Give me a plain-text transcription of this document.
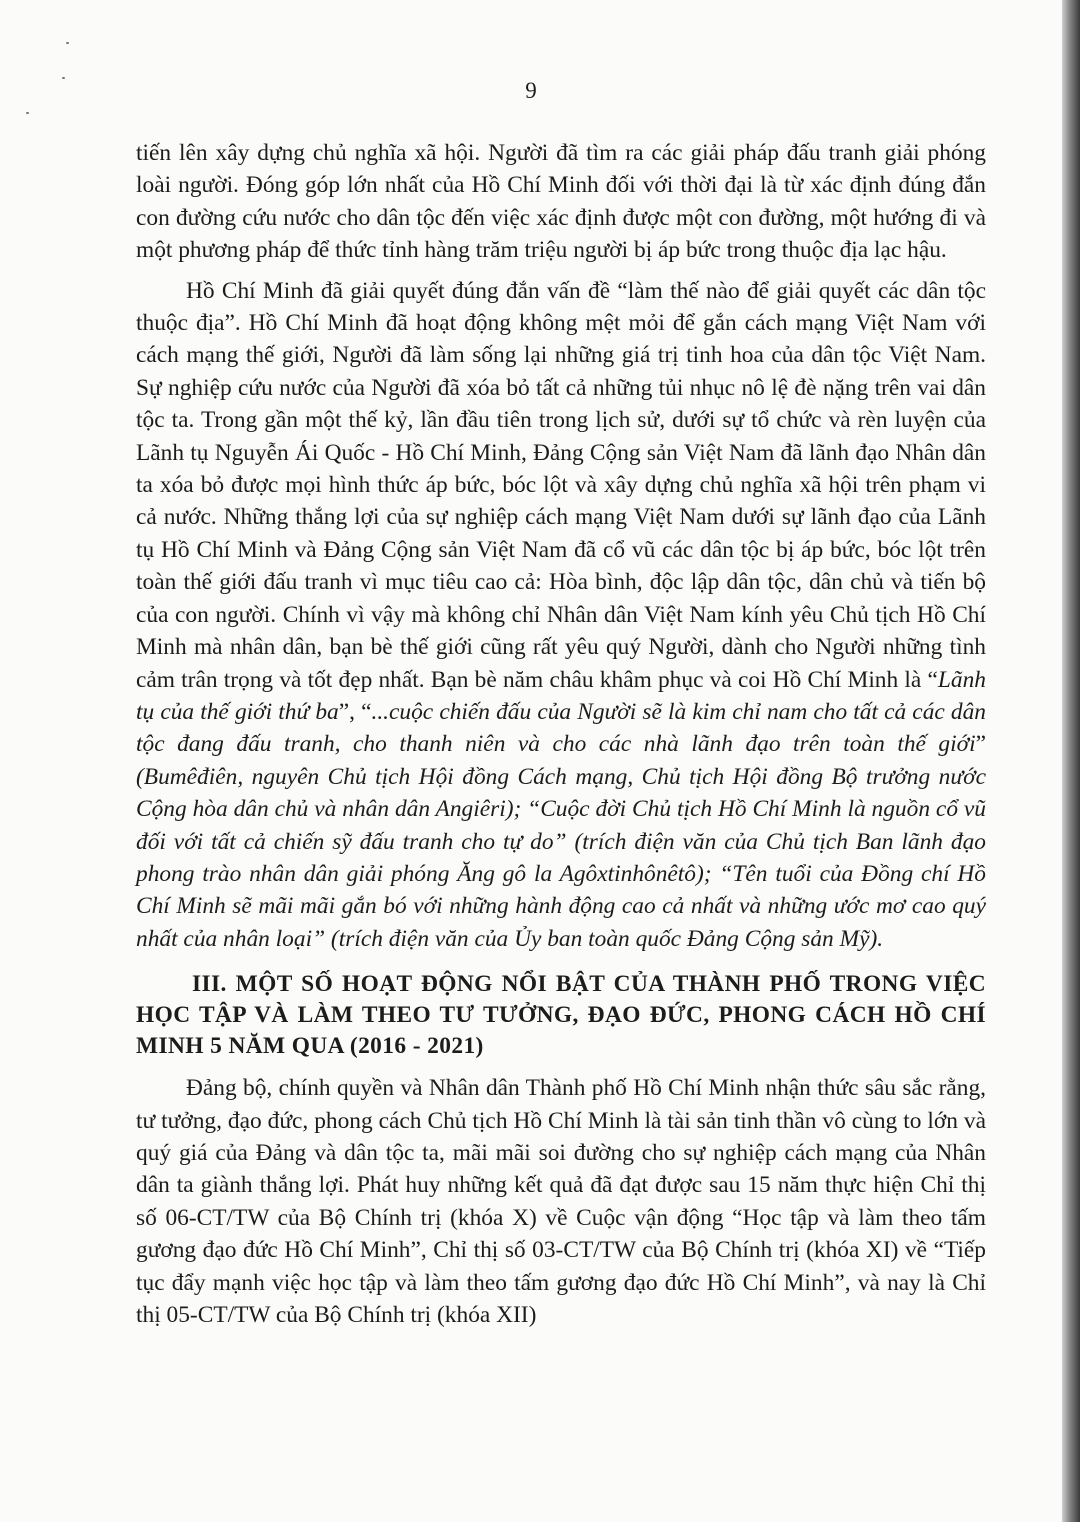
9

tiến lên xây dựng chủ nghĩa xã hội. Người đã tìm ra các giải pháp đấu tranh giải phóng loài người. Đóng góp lớn nhất của Hồ Chí Minh đối với thời đại là từ xác định đúng đắn con đường cứu nước cho dân tộc đến việc xác định được một con đường, một hướng đi và một phương pháp để thức tỉnh hàng trăm triệu người bị áp bức trong thuộc địa lạc hậu.

Hồ Chí Minh đã giải quyết đúng đắn vấn đề “làm thế nào để giải quyết các dân tộc thuộc địa”. Hồ Chí Minh đã hoạt động không mệt mỏi để gắn cách mạng Việt Nam với cách mạng thế giới, Người đã làm sống lại những giá trị tinh hoa của dân tộc Việt Nam. Sự nghiệp cứu nước của Người đã xóa bỏ tất cả những tủi nhục nô lệ đè nặng trên vai dân tộc ta. Trong gần một thế kỷ, lần đầu tiên trong lịch sử, dưới sự tổ chức và rèn luyện của Lãnh tụ Nguyễn Ái Quốc - Hồ Chí Minh, Đảng Cộng sản Việt Nam đã lãnh đạo Nhân dân ta xóa bỏ được mọi hình thức áp bức, bóc lột và xây dựng chủ nghĩa xã hội trên phạm vi cả nước. Những thắng lợi của sự nghiệp cách mạng Việt Nam dưới sự lãnh đạo của Lãnh tụ Hồ Chí Minh và Đảng Cộng sản Việt Nam đã cổ vũ các dân tộc bị áp bức, bóc lột trên toàn thế giới đấu tranh vì mục tiêu cao cả: Hòa bình, độc lập dân tộc, dân chủ và tiến bộ của con người. Chính vì vậy mà không chỉ Nhân dân Việt Nam kính yêu Chủ tịch Hồ Chí Minh mà nhân dân, bạn bè thế giới cũng rất yêu quý Người, dành cho Người những tình cảm trân trọng và tốt đẹp nhất. Bạn bè năm châu khâm phục và coi Hồ Chí Minh là “Lãnh tụ của thế giới thứ ba”, “...cuộc chiến đấu của Người sẽ là kim chỉ nam cho tất cả các dân tộc đang đấu tranh, cho thanh niên và cho các nhà lãnh đạo trên toàn thế giới” (Bumêđiên, nguyên Chủ tịch Hội đồng Cách mạng, Chủ tịch Hội đồng Bộ trưởng nước Cộng hòa dân chủ và nhân dân Angiêri); “Cuộc đời Chủ tịch Hồ Chí Minh là nguồn cổ vũ đối với tất cả chiến sỹ đấu tranh cho tự do” (trích điện văn của Chủ tịch Ban lãnh đạo phong trào nhân dân giải phóng Ăng gô la Agôxtinhônêtô); “Tên tuổi của Đồng chí Hồ Chí Minh sẽ mãi mãi gắn bó với những hành động cao cả nhất và những ước mơ cao quý nhất của nhân loại” (trích điện văn của Ủy ban toàn quốc Đảng Cộng sản Mỹ).

III. MỘT SỐ HOẠT ĐỘNG NỔI BẬT CỦA THÀNH PHỐ TRONG VIỆC HỌC TẬP VÀ LÀM THEO TƯ TƯỞNG, ĐẠO ĐỨC, PHONG CÁCH HỒ CHÍ MINH 5 NĂM QUA (2016 - 2021)

Đảng bộ, chính quyền và Nhân dân Thành phố Hồ Chí Minh nhận thức sâu sắc rằng, tư tưởng, đạo đức, phong cách Chủ tịch Hồ Chí Minh là tài sản tinh thần vô cùng to lớn và quý giá của Đảng và dân tộc ta, mãi mãi soi đường cho sự nghiệp cách mạng của Nhân dân ta giành thắng lợi. Phát huy những kết quả đã đạt được sau 15 năm thực hiện Chỉ thị số 06-CT/TW của Bộ Chính trị (khóa X) về Cuộc vận động “Học tập và làm theo tấm gương đạo đức Hồ Chí Minh”, Chỉ thị số 03-CT/TW của Bộ Chính trị (khóa XI) về “Tiếp tục đẩy mạnh việc học tập và làm theo tấm gương đạo đức Hồ Chí Minh”, và nay là Chỉ thị 05-CT/TW của Bộ Chính trị (khóa XII)
